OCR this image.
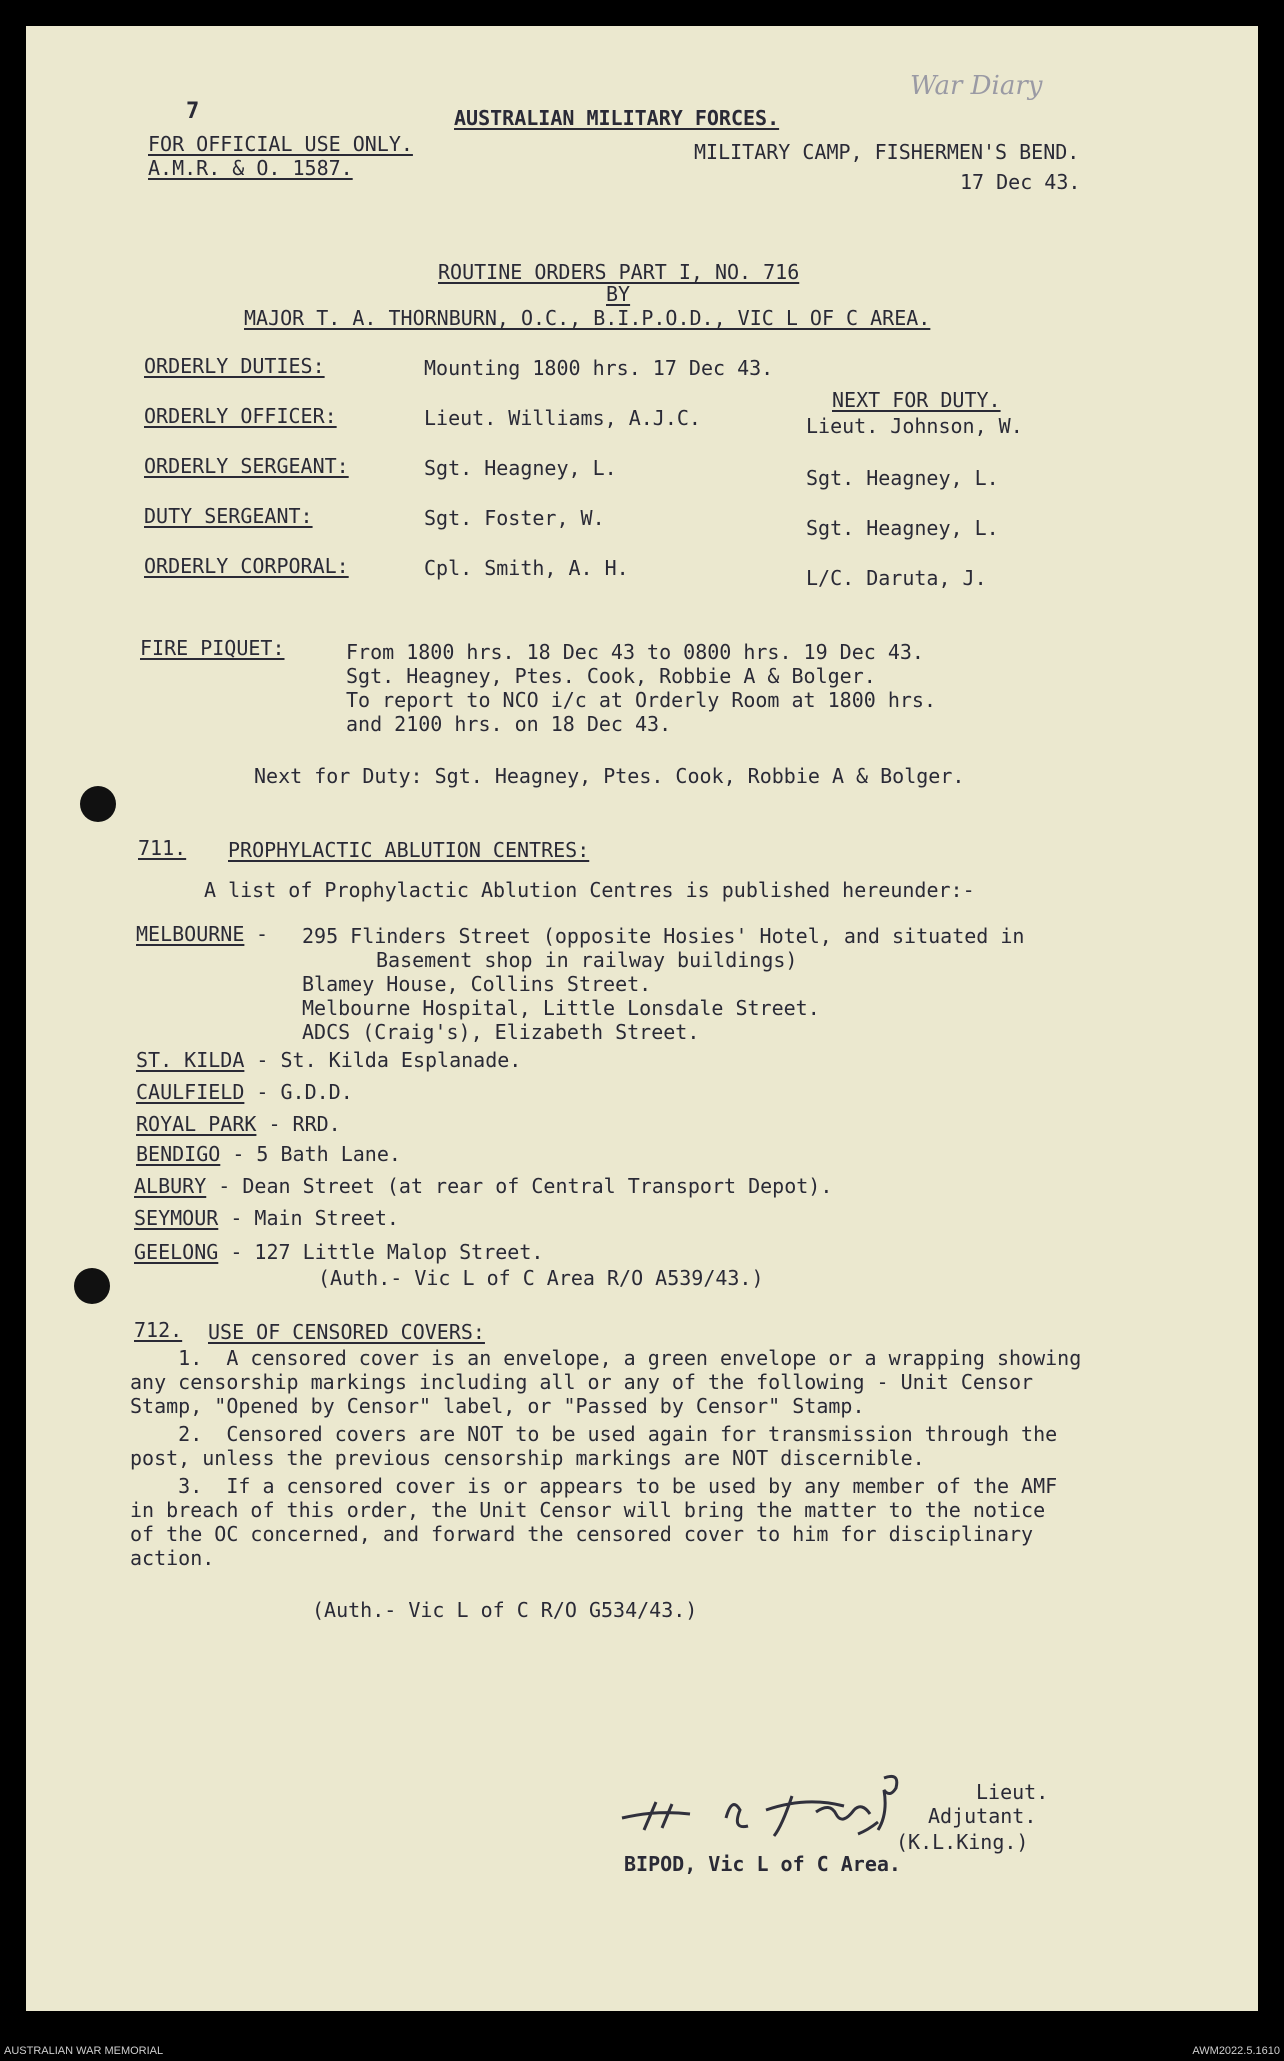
7	AUSTRALIAN MILITARY FORCES.
War Diary
FOR OFFICIAL USE ONLY.
A.M.R. & O. 1587.
MILITARY CAMP, FISHERMEN'S BEND.
17 Dec 43.
ROUTINE ORDERS PART I, NO. 716
BY
MAJOR T. A. THORNBURN, O.C., B.I.P.O.D., VIC L OF C AREA.
ORDERLY DUTIES:	Mounting 1800 hrs. 17 Dec 43.
NEXT FOR DUTY.
ORDERLY OFFICER:	Lieut. Williams, A.J.C.	Lieut. Johnson, W.
ORDERLY SERGEANT:	Sgt. Heagney, L.	Sgt. Heagney, L.
DUTY SERGEANT:	Sgt. Foster, W.	Sgt. Heagney, L.
ORDERLY CORPORAL:	Cpl. Smith, A. H.	L/C. Daruta, J.
FIRE PIQUET:	From 1800 hrs. 18 Dec 43 to 0800 hrs. 19 Dec 43.
Sgt. Heagney, Ptes. Cook, Robbie A & Bolger.
To report to NCO i/c at Orderly Room at 1800 hrs.
and 2100 hrs. on 18 Dec 43.
Next for Duty: Sgt. Heagney, Ptes. Cook, Robbie A & Bolger.
711. PROPHYLACTIC ABLUTION CENTRES:
A list of Prophylactic Ablution Centres is published hereunder:-
MELBOURNE - 295 Flinders Street (opposite Hosies' Hotel, and situated in
Basement shop in railway buildings)
Blamey House, Collins Street.
Melbourne Hospital, Little Lonsdale Street.
ADCS (Craig's), Elizabeth Street.
ST. KILDA - St. Kilda Esplanade.
CAULFIELD - G.D.D.
ROYAL PARK - RRD.
BENDIGO - 5 Bath Lane.
ALBURY - Dean Street (at rear of Central Transport Depot).
SEYMOUR - Main Street.
GEELONG - 127 Little Malop Street.
(Auth.- Vic L of C Area R/O A539/43.)
712. USE OF CENSORED COVERS:
1.  A censored cover is an envelope, a green envelope or a wrapping showing
any censorship markings including all or any of the following - Unit Censor
Stamp, "Opened by Censor" label, or "Passed by Censor" Stamp.
2.  Censored covers are NOT to be used again for transmission through the
post, unless the previous censorship markings are NOT discernible.
3.  If a censored cover is or appears to be used by any member of the AMF
in breach of this order, the Unit Censor will bring the matter to the notice
of the OC concerned, and forward the censored cover to him for disciplinary
action.
(Auth.- Vic L of C R/O G534/43.)
Lieut.
Adjutant.
(K.L.King.)
BIPOD, Vic L of C Area.
AUSTRALIAN WAR MEMORIAL	AWM2022.5.1610
